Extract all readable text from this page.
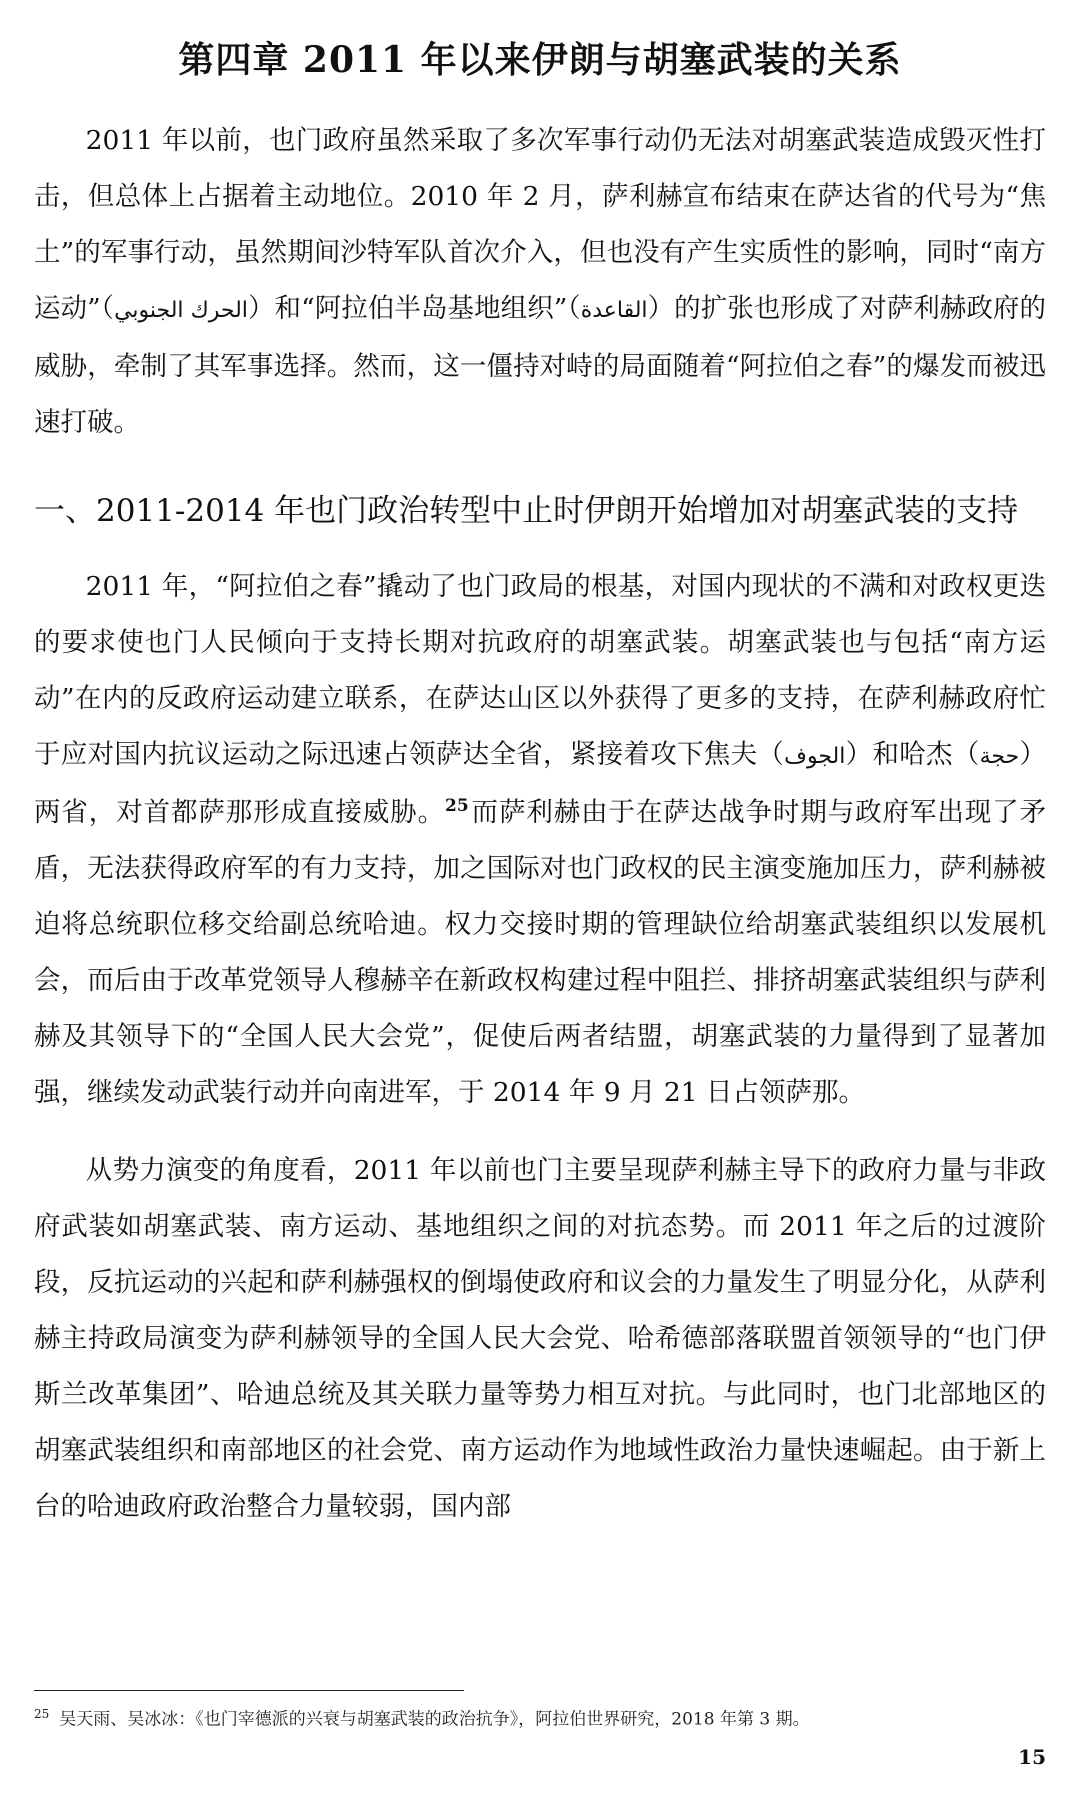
第四章 2011 年以来伊朗与胡塞武装的关系

2011 年以前，也门政府虽然采取了多次军事行动仍无法对胡塞武装造成毁灭性打击，但总体上占据着主动地位。2010 年 2 月，萨利赫宣布结束在萨达省的代号为“焦土”的军事行动，虽然期间沙特军队首次介入，但也没有产生实质性的影响，同时“南方运动”（الحرك الجنوبي）和“阿拉伯半岛基地组织”（القاعدة）的扩张也形成了对萨利赫政府的威胁，牵制了其军事选择。然而，这一僵持对峙的局面随着“阿拉伯之春”的爆发而被迅速打破。

一、2011-2014 年也门政治转型中止时伊朗开始增加对胡塞武装的支持

2011 年，“阿拉伯之春”撬动了也门政局的根基，对国内现状的不满和对政权更迭的要求使也门人民倾向于支持长期对抗政府的胡塞武装。胡塞武装也与包括“南方运动”在内的反政府运动建立联系，在萨达山区以外获得了更多的支持，在萨利赫政府忙于应对国内抗议运动之际迅速占领萨达全省，紧接着攻下焦夫（الجوف）和哈杰（حجة）两省，对首都萨那形成直接威胁。$^{25}$而萨利赫由于在萨达战争时期与政府军出现了矛盾，无法获得政府军的有力支持，加之国际对也门政权的民主演变施加压力，萨利赫被迫将总统职位移交给副总统哈迪。权力交接时期的管理缺位给胡塞武装组织以发展机会，而后由于改革党领导人穆赫辛在新政权构建过程中阻拦、排挤胡塞武装组织与萨利赫及其领导下的“全国人民大会党”，促使后两者结盟，胡塞武装的力量得到了显著加强，继续发动武装行动并向南进军，于 2014 年 9 月 21 日占领萨那。

从势力演变的角度看，2011 年以前也门主要呈现萨利赫主导下的政府力量与非政府武装如胡塞武装、南方运动、基地组织之间的对抗态势。而 2011 年之后的过渡阶段，反抗运动的兴起和萨利赫强权的倒塌使政府和议会的力量发生了明显分化，从萨利赫主持政局演变为萨利赫领导的全国人民大会党、哈希德部落联盟首领领导的“也门伊斯兰改革集团”、哈迪总统及其关联力量等势力相互对抗。与此同时，也门北部地区的胡塞武装组织和南部地区的社会党、南方运动作为地域性政治力量快速崛起。由于新上台的哈迪政府政治整合力量较弱，国内部

$^{25}$ 吴天雨、吴冰冰：《也门宰德派的兴衰与胡塞武装的政治抗争》，阿拉伯世界研究，2018 年第 3 期。
15
